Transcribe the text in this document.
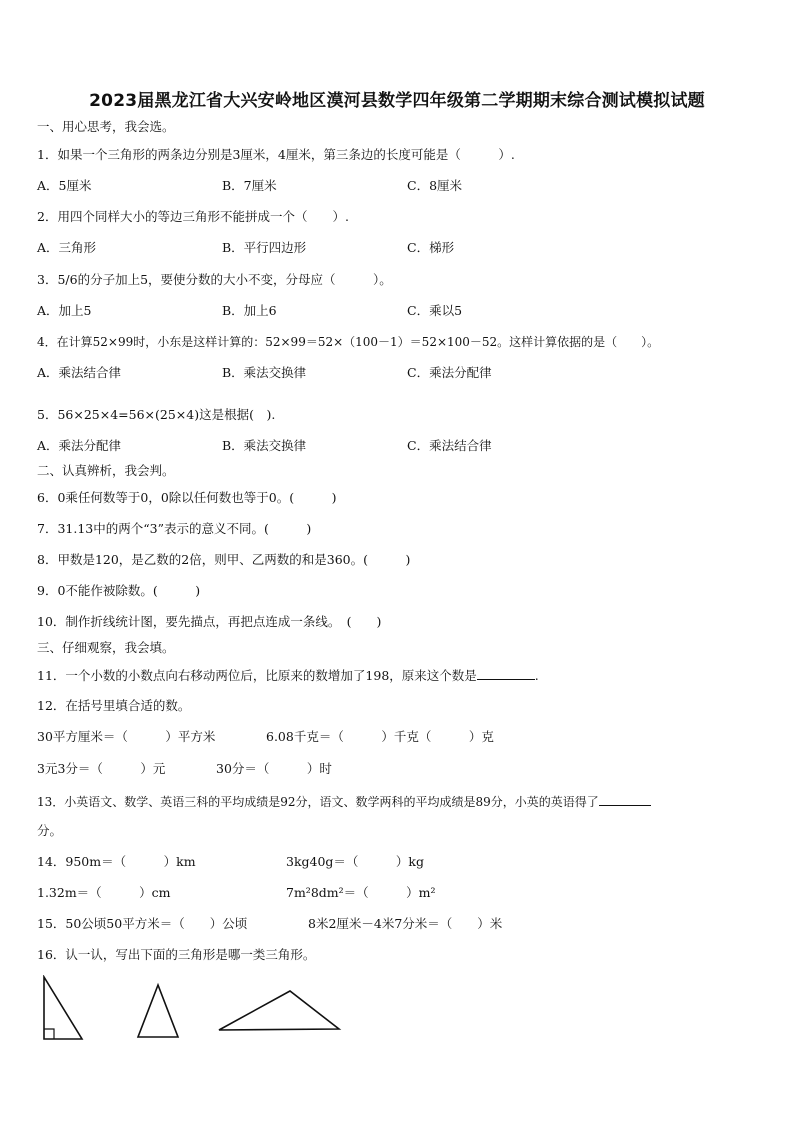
2023届黑龙江省大兴安岭地区漠河县数学四年级第二学期期末综合测试模拟试题
一、用心思考，我会选。
1．如果一个三角形的两条边分别是3厘米，4厘米，第三条边的长度可能是（　　　）.
A．5厘米	B．7厘米	C．8厘米
2．用四个同样大小的等边三角形不能拼成一个（　　）.
A．三角形	B．平行四边形	C．梯形
3．5/6的分子加上5，要使分数的大小不变，分母应（　　　）。
A．加上5	B．加上6	C．乘以5
4．在计算52×99时，小东是这样计算的：52×99＝52×（100－1）＝52×100－52。这样计算依据的是（　　）。
A．乘法结合律	B．乘法交换律	C．乘法分配律
5．56×25×4=56×(25×4)这是根据(　).
A．乘法分配律	B．乘法交换律	C．乘法结合律
二、认真辨析，我会判。
6．0乘任何数等于0，0除以任何数也等于0。(　　　)
7．31.13中的两个“3”表示的意义不同。(　　　)
8．甲数是120，是乙数的2倍，则甲、乙两数的和是360。(　　　)
9．0不能作被除数。(　　　)
10．制作折线统计图，要先描点，再把点连成一条线。　(　　)
三、仔细观察，我会填。
11．一个小数的小数点向右移动两位后，比原来的数增加了198，原来这个数是	.
12．在括号里填合适的数。
30平方厘米＝（　　　）平方米	6.08千克＝（　　　）千克（　　　）克
3元3分＝（　　　）元	30分＝（　　　）时
13．小英语文、数学、英语三科的平均成绩是92分，语文、数学两科的平均成绩是89分，小英的英语得了
分。
14．950m＝（　　　）km	3kg40g＝（　　　）kg
1.32m＝（　　　）cm	7m²8dm²＝（　　　）m²
15．50公顷50平方米＝（　　）公顷	8米2厘米－4米7分米＝（　　）米
16．认一认，写出下面的三角形是哪一类三角形。
